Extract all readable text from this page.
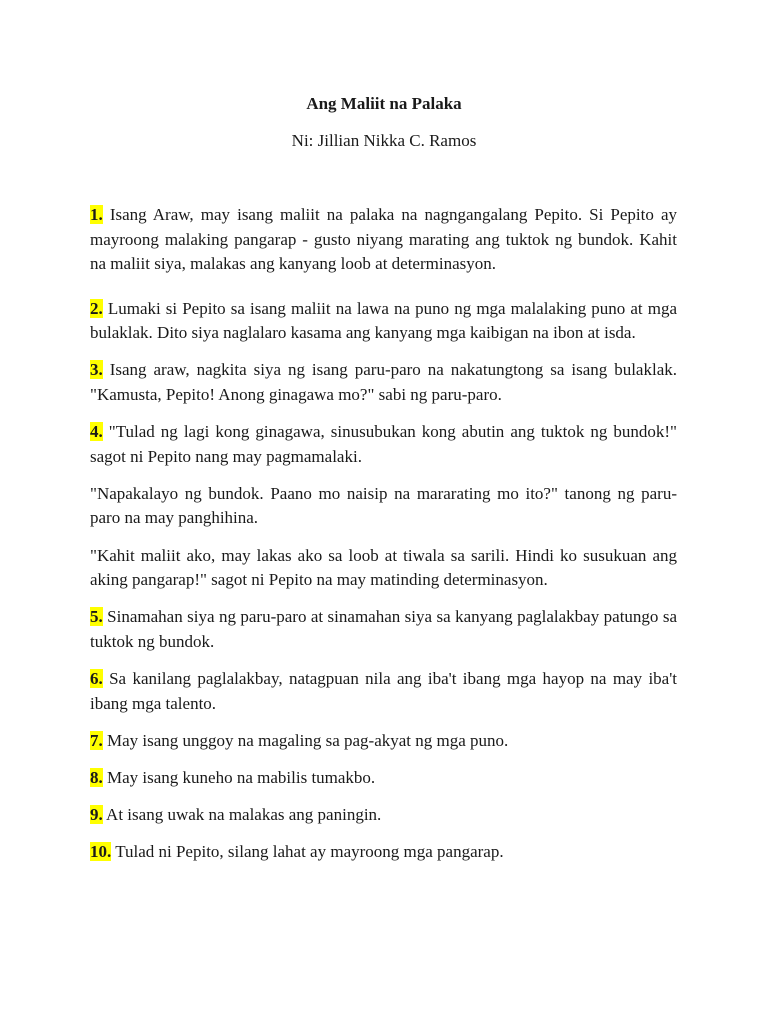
Ang Maliit na Palaka
Ni: Jillian Nikka C. Ramos

1. Isang Araw, may isang maliit na palaka na nagngangalang Pepito. Si Pepito ay mayroong malaking pangarap - gusto niyang marating ang tuktok ng bundok. Kahit na maliit siya, malakas ang kanyang loob at determinasyon.

2. Lumaki si Pepito sa isang maliit na lawa na puno ng mga malalaking puno at mga bulaklak. Dito siya naglalaro kasama ang kanyang mga kaibigan na ibon at isda.

3. Isang araw, nagkita siya ng isang paru-paro na nakatungtong sa isang bulaklak. "Kamusta, Pepito! Anong ginagawa mo?" sabi ng paru-paro.

4. "Tulad ng lagi kong ginagawa, sinusubukan kong abutin ang tuktok ng bundok!" sagot ni Pepito nang may pagmamalaki.

"Napakalayo ng bundok. Paano mo naisip na mararating mo ito?" tanong ng paru-paro na may panghihina.

"Kahit maliit ako, may lakas ako sa loob at tiwala sa sarili. Hindi ko susukuan ang aking pangarap!" sagot ni Pepito na may matinding determinasyon.

5. Sinamahan siya ng paru-paro at sinamahan siya sa kanyang paglalakbay patungo sa tuktok ng bundok.

6. Sa kanilang paglalakbay, natagpuan nila ang iba't ibang mga hayop na may iba't ibang mga talento.

7. May isang unggoy na magaling sa pag-akyat ng mga puno.

8. May isang kuneho na mabilis tumakbo.

9. At isang uwak na malakas ang paningin.

10. Tulad ni Pepito, silang lahat ay mayroong mga pangarap.
